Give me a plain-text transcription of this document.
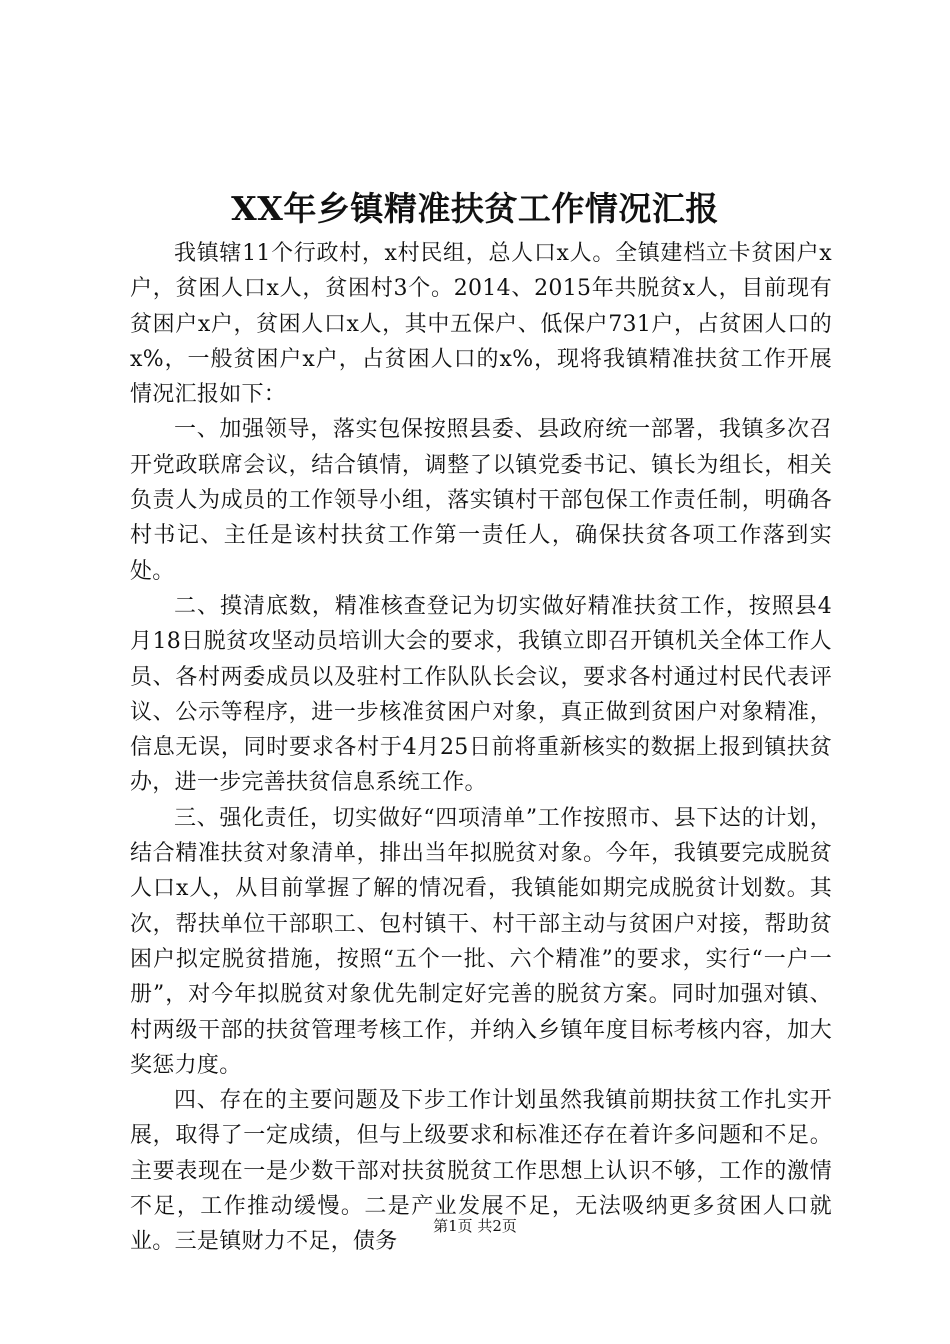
XX年乡镇精准扶贫工作情况汇报

我镇辖11个行政村，x村民组，总人口x人。全镇建档立卡贫困户x户，贫困人口x人，贫困村3个。2014、2015年共脱贫x人，目前现有贫困户x户，贫困人口x人，其中五保户、低保户731户，占贫困人口的x%，一般贫困户x户，占贫困人口的x%，现将我镇精准扶贫工作开展情况汇报如下：

一、加强领导，落实包保按照县委、县政府统一部署，我镇多次召开党政联席会议，结合镇情，调整了以镇党委书记、镇长为组长，相关负责人为成员的工作领导小组，落实镇村干部包保工作责任制，明确各村书记、主任是该村扶贫工作第一责任人，确保扶贫各项工作落到实处。

二、摸清底数，精准核查登记为切实做好精准扶贫工作，按照县4月18日脱贫攻坚动员培训大会的要求，我镇立即召开镇机关全体工作人员、各村两委成员以及驻村工作队队长会议，要求各村通过村民代表评议、公示等程序，进一步核准贫困户对象，真正做到贫困户对象精准，信息无误，同时要求各村于4月25日前将重新核实的数据上报到镇扶贫办，进一步完善扶贫信息系统工作。

三、强化责任，切实做好“四项清单”工作按照市、县下达的计划，结合精准扶贫对象清单，排出当年拟脱贫对象。今年，我镇要完成脱贫人口x人，从目前掌握了解的情况看，我镇能如期完成脱贫计划数。其次，帮扶单位干部职工、包村镇干、村干部主动与贫困户对接，帮助贫困户拟定脱贫措施，按照“五个一批、六个精准”的要求，实行“一户一册”，对今年拟脱贫对象优先制定好完善的脱贫方案。同时加强对镇、村两级干部的扶贫管理考核工作，并纳入乡镇年度目标考核内容，加大奖惩力度。

四、存在的主要问题及下步工作计划虽然我镇前期扶贫工作扎实开展，取得了一定成绩，但与上级要求和标准还存在着许多问题和不足。主要表现在一是少数干部对扶贫脱贫工作思想上认识不够，工作的激情不足，工作推动缓慢。二是产业发展不足，无法吸纳更多贫困人口就业。三是镇财力不足，债务

第1页 共2页
